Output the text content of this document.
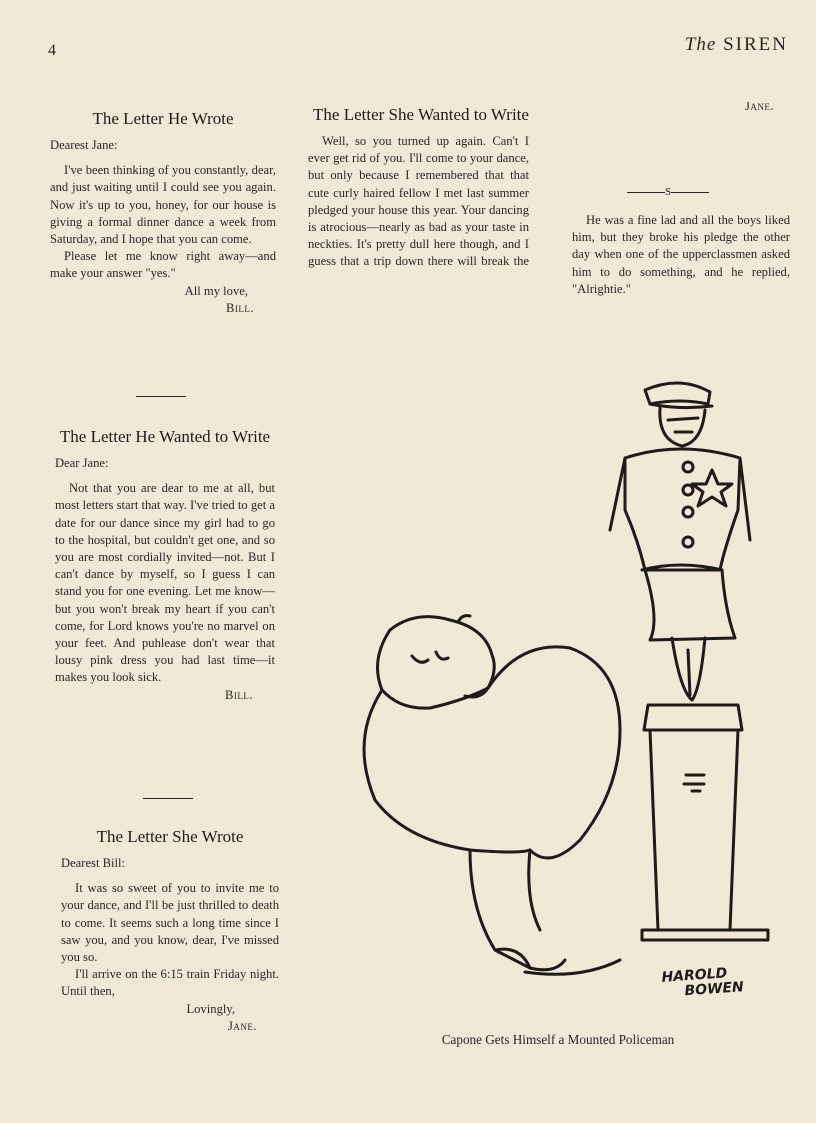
4	The SIREN
The Letter He Wrote
Dearest Jane:

I've been thinking of you constantly, dear, and just waiting until I could see you again. Now it's up to you, honey, for our house is giving a formal dinner dance a week from Saturday, and I hope that you can come.

Please let me know right away—and make your answer "yes."

All my love,
Bill.
The Letter He Wanted to Write
Dear Jane:

Not that you are dear to me at all, but most letters start that way. I've tried to get a date for our dance since my girl had to go to the hospital, but couldn't get one, and so you are most cordially invited—not. But I can't dance by myself, so I guess I can stand you for one evening. Let me know—but you won't break my heart if you can't come, for Lord knows you're no marvel on your feet. And puhlease don't wear that lousy pink dress you had last time—it makes you look sick.

Bill.
The Letter She Wrote
Dearest Bill:

It was so sweet of you to invite me to your dance, and I'll be just thrilled to death to come. It seems such a long time since I saw you, and you know, dear, I've missed you so.

I'll arrive on the 6:15 train Friday night. Until then,

Lovingly,
Jane.
The Letter She Wanted to Write

Well, so you turned up again. Can't I ever get rid of you. I'll come to your dance, but only because I remembered that that cute curly haired fellow I met last summer pledged your house this year. Your dancing is atrocious—nearly as bad as your taste in neckties. It's pretty dull here though, and I guess that a trip down there will break the

Jane.
S

He was a fine lad and all the boys liked him, but they broke his pledge the other day when one of the upperclassmen asked him to do something, and he replied, "Alrightie."

HAROLD
BOWEN
Capone Gets Himself a Mounted Policeman
